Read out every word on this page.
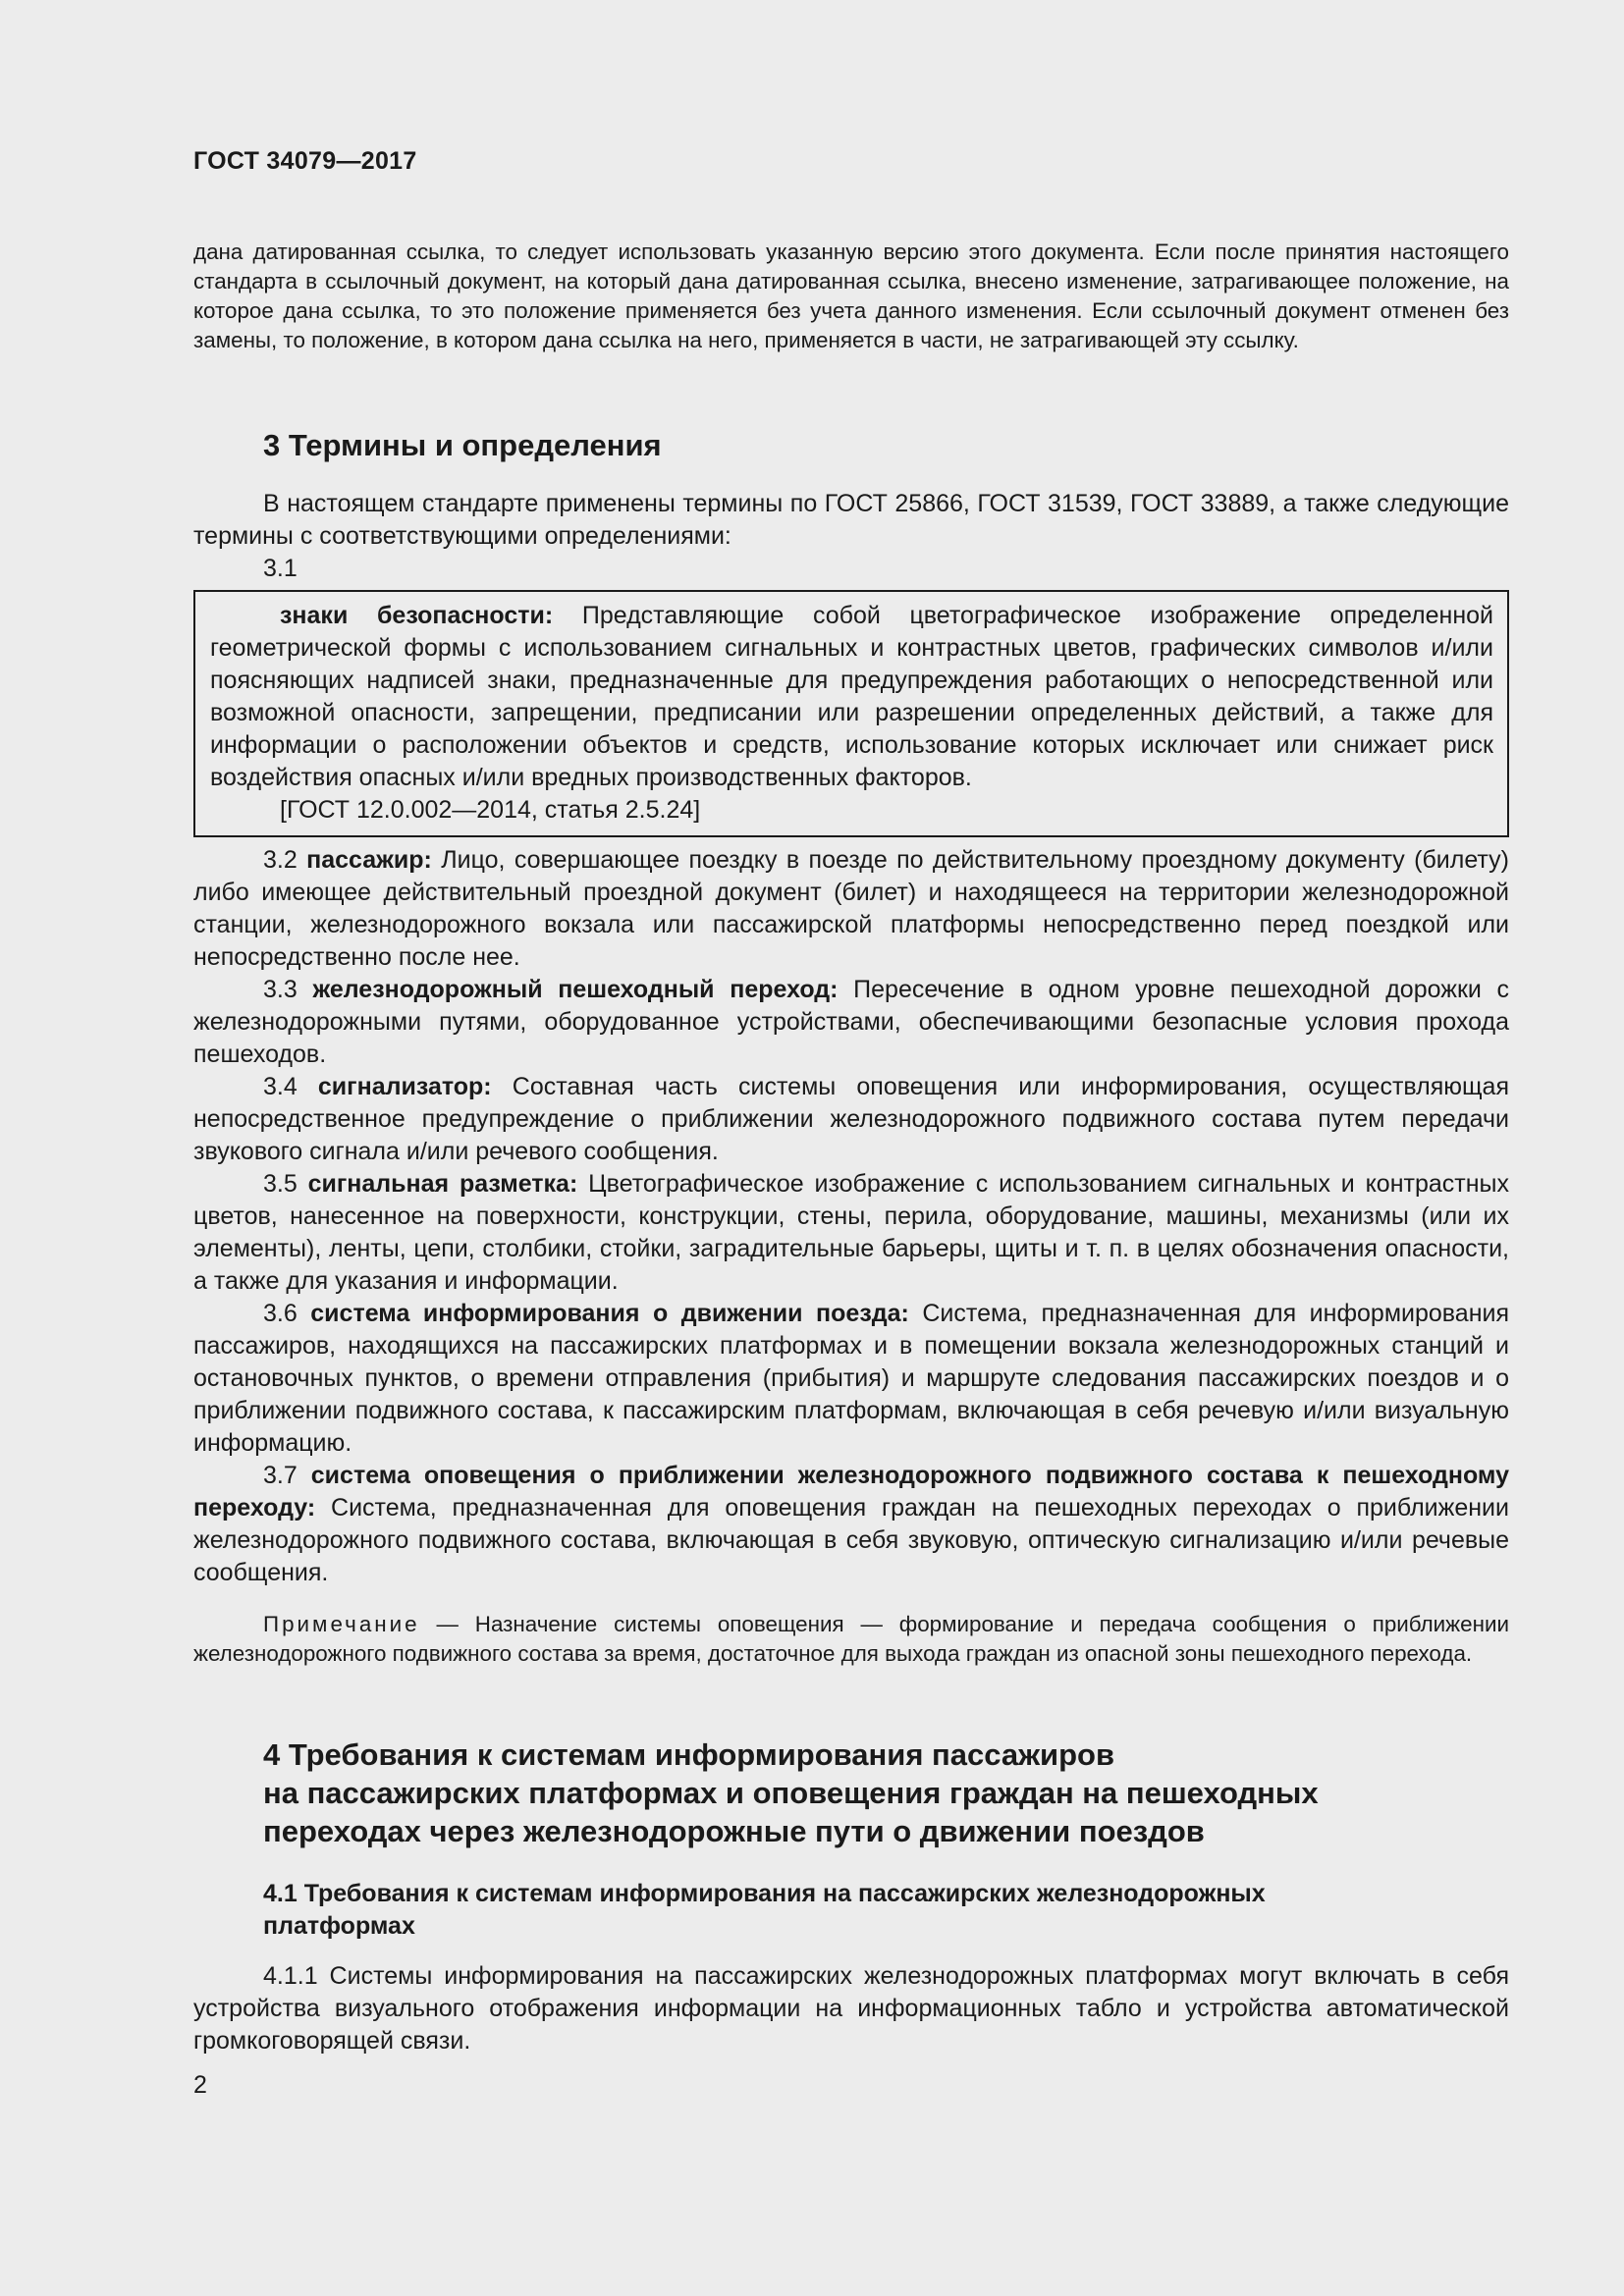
ГОСТ 34079—2017

дана датированная ссылка, то следует использовать указанную версию этого документа. Если после принятия настоящего стандарта в ссылочный документ, на который дана датированная ссылка, внесено изменение, затрагивающее положение, на которое дана ссылка, то это положение применяется без учета данного изменения. Если ссылочный документ отменен без замены, то положение, в котором дана ссылка на него, применяется в части, не затрагивающей эту ссылку.

3 Термины и определения

В настоящем стандарте применены термины по ГОСТ 25866, ГОСТ 31539, ГОСТ 33889, а также следующие термины с соответствующими определениями:

3.1

знаки безопасности: Представляющие собой цветографическое изображение определенной геометрической формы с использованием сигнальных и контрастных цветов, графических символов и/или поясняющих надписей знаки, предназначенные для предупреждения работающих о непосредственной или возможной опасности, запрещении, предписании или разрешении определенных действий, а также для информации о расположении объектов и средств, использование которых исключает или снижает риск воздействия опасных и/или вредных производственных факторов.

[ГОСТ 12.0.002—2014, статья 2.5.24]

3.2 пассажир: Лицо, совершающее поездку в поезде по действительному проездному документу (билету) либо имеющее действительный проездной документ (билет) и находящееся на территории железнодорожной станции, железнодорожного вокзала или пассажирской платформы непосредственно перед поездкой или непосредственно после нее.

3.3 железнодорожный пешеходный переход: Пересечение в одном уровне пешеходной дорожки с железнодорожными путями, оборудованное устройствами, обеспечивающими безопасные условия прохода пешеходов.

3.4 сигнализатор: Составная часть системы оповещения или информирования, осуществляющая непосредственное предупреждение о приближении железнодорожного подвижного состава путем передачи звукового сигнала и/или речевого сообщения.

3.5 сигнальная разметка: Цветографическое изображение с использованием сигнальных и контрастных цветов, нанесенное на поверхности, конструкции, стены, перила, оборудование, машины, механизмы (или их элементы), ленты, цепи, столбики, стойки, заградительные барьеры, щиты и т. п. в целях обозначения опасности, а также для указания и информации.

3.6 система информирования о движении поезда: Система, предназначенная для информирования пассажиров, находящихся на пассажирских платформах и в помещении вокзала железнодорожных станций и остановочных пунктов, о времени отправления (прибытия) и маршруте следования пассажирских поездов и о приближении подвижного состава, к пассажирским платформам, включающая в себя речевую и/или визуальную информацию.

3.7 система оповещения о приближении железнодорожного подвижного состава к пешеходному переходу: Система, предназначенная для оповещения граждан на пешеходных переходах о приближении железнодорожного подвижного состава, включающая в себя звуковую, оптическую сигнализацию и/или речевые сообщения.

Примечание — Назначение системы оповещения — формирование и передача сообщения о приближении железнодорожного подвижного состава за время, достаточное для выхода граждан из опасной зоны пешеходного перехода.

4 Требования к системам информирования пассажиров
на пассажирских платформах и оповещения граждан на пешеходных
переходах через железнодорожные пути о движении поездов
4.1 Требования к системам информирования на пассажирских железнодорожных
платформах

4.1.1 Системы информирования на пассажирских железнодорожных платформах могут включать в себя устройства визуального отображения информации на информационных табло и устройства автоматической громкоговорящей связи.

2
